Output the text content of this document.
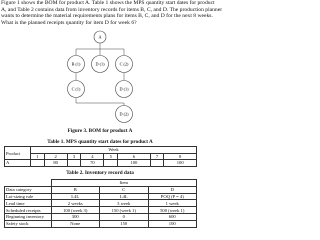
Figure 1 shows the BOM for product A. Table 1 shows the MPS quantity start dates for product
A, and Table 2 contains data from inventory records for items B, C, and D. The production planner
wants to determine the material requirements plans for items B, C, and D for the next 8 weeks.
What is the planned receipts quantity for item D for week 6?
A
B (1)	D (1)	C (2)
C (1)	D (1)
D (2)
Figure 3. BOM for product A
Table 1. MPS quantity start dates for product A
Product	Week							
	1	2	3	4	5	6	7	8
A		80		70		100		100
Table 2. Inventory record data
	Item		
Data category	B	C	D
Lot-sizing rule	L4L	L4L	POQ (P = 4)
Lead time	2 weeks	3 week	1 week
Scheduled receipts	100 (week 3)	150 (week 1)	500 (week 1)
Beginning inventory	300	0	600
Safety stock	None	150	100
